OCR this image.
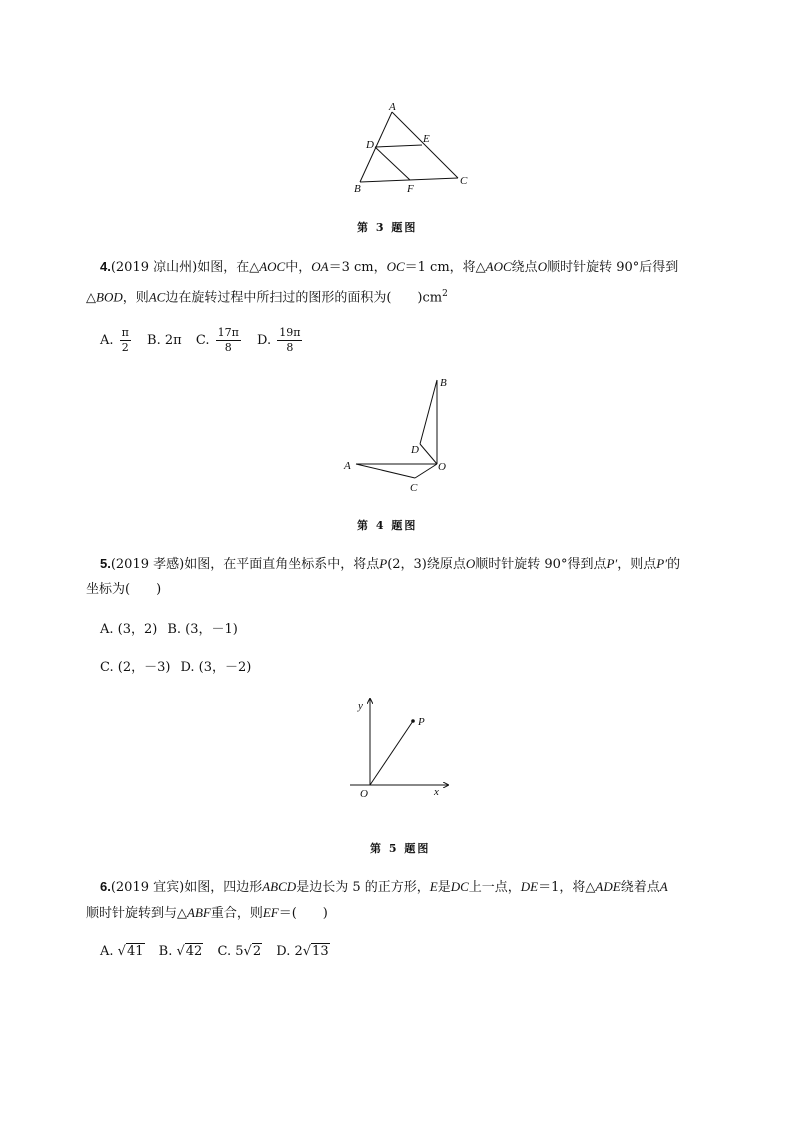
A
D	E
B	F
C
第 3 题图
4.(2019 凉山州)如图，在△AOC中，OA＝3 cm，OC＝1 cm，将△AOC绕点O顺时针旋转 90°后得到
△BOD，则AC边在旋转过程中所扫过的图形的面积为(　　)$cm^2$
A. $\frac{\pi}{2} B$. 2π C. $\frac{17\pi}{8} D$. $\frac{19\pi}{8}$
B
D
O
A
C
第 4 题图
5.(2019 孝感)如图，在平面直角坐标系中，将点P(2，3)绕原点O顺时针旋转 90°得到点P′，则点P′的
坐标为(　　)
A. (3，2) B. (3，－1)
C. (2，－3) D. (3，－2)
y
x
O
P
第 5 题图
6.(2019 宜宾)如图，四边形ABCD是边长为 5 的正方形，E是DC上一点，DE＝1，将△ADE绕着点A
顺时针旋转到与△ABF重合，则EF＝(　　)
A. √41 B. √42 C. 5√2 D. 2√13
